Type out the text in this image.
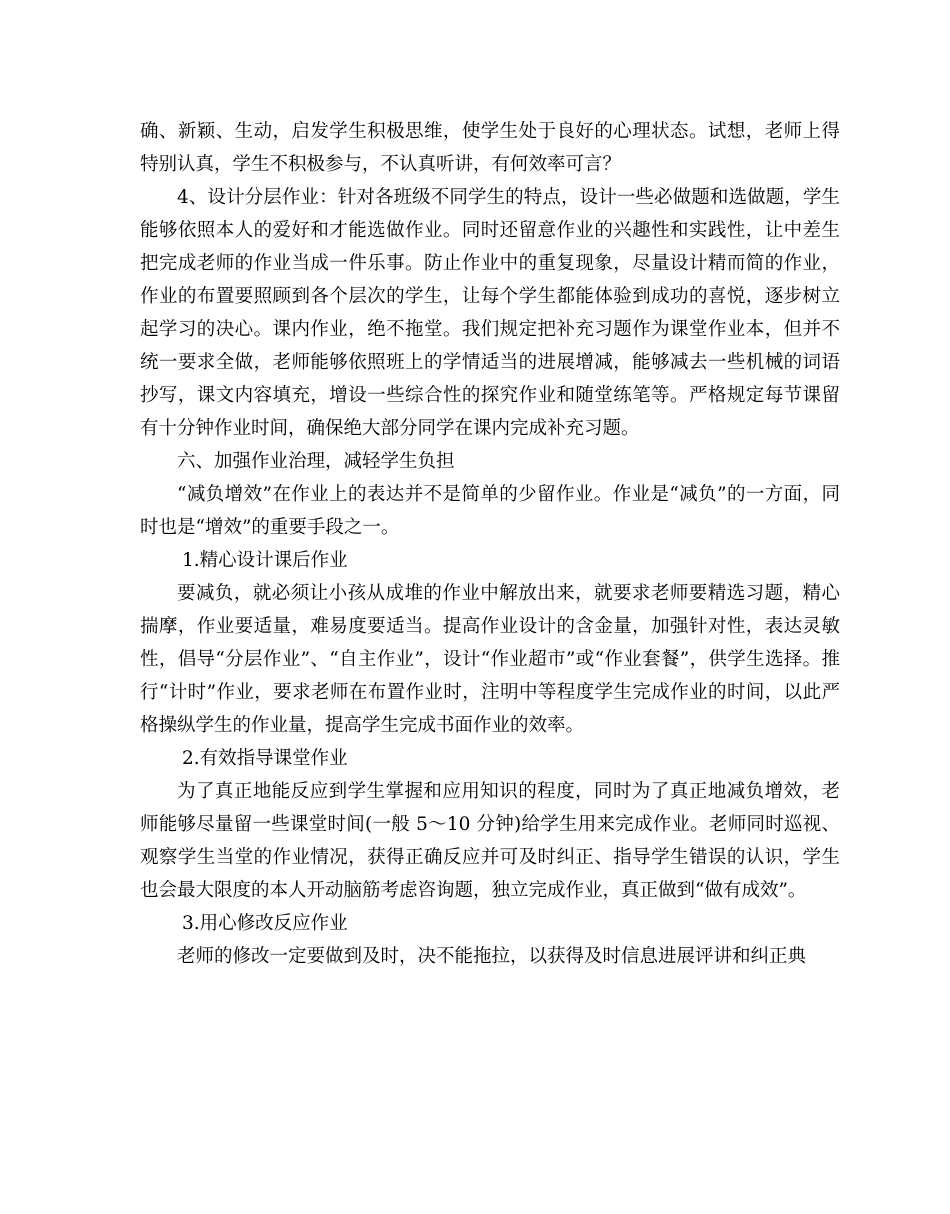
确、新颖、生动，启发学生积极思维，使学生处于良好的心理状态。试想，老师上得特别认真，学生不积极参与，不认真听讲，有何效率可言？

4、设计分层作业：针对各班级不同学生的特点，设计一些必做题和选做题，学生能够依照本人的爱好和才能选做作业。同时还留意作业的兴趣性和实践性，让中差生把完成老师的作业当成一件乐事。防止作业中的重复现象，尽量设计精而简的作业，作业的布置要照顾到各个层次的学生，让每个学生都能体验到成功的喜悦，逐步树立起学习的决心。课内作业，绝不拖堂。我们规定把补充习题作为课堂作业本，但并不统一要求全做，老师能够依照班上的学情适当的进展增减，能够减去一些机械的词语抄写，课文内容填充，增设一些综合性的探究作业和随堂练笔等。严格规定每节课留有十分钟作业时间，确保绝大部分同学在课内完成补充习题。

六、加强作业治理，减轻学生负担

“减负增效”在作业上的表达并不是简单的少留作业。作业是“减负”的一方面，同时也是“增效”的重要手段之一。

1.精心设计课后作业

要减负，就必须让小孩从成堆的作业中解放出来，就要求老师要精选习题，精心揣摩，作业要适量，难易度要适当。提高作业设计的含金量，加强针对性，表达灵敏性，倡导“分层作业”、“自主作业”，设计“作业超市”或“作业套餐”，供学生选择。推行“计时”作业，要求老师在布置作业时，注明中等程度学生完成作业的时间，以此严格操纵学生的作业量，提高学生完成书面作业的效率。

2.有效指导课堂作业

为了真正地能反应到学生掌握和应用知识的程度，同时为了真正地减负增效，老师能够尽量留一些课堂时间(一般 5～10 分钟)给学生用来完成作业。老师同时巡视、观察学生当堂的作业情况，获得正确反应并可及时纠正、指导学生错误的认识，学生也会最大限度的本人开动脑筋考虑咨询题，独立完成作业，真正做到“做有成效”。

3.用心修改反应作业

老师的修改一定要做到及时，决不能拖拉，以获得及时信息进展评讲和纠正典
